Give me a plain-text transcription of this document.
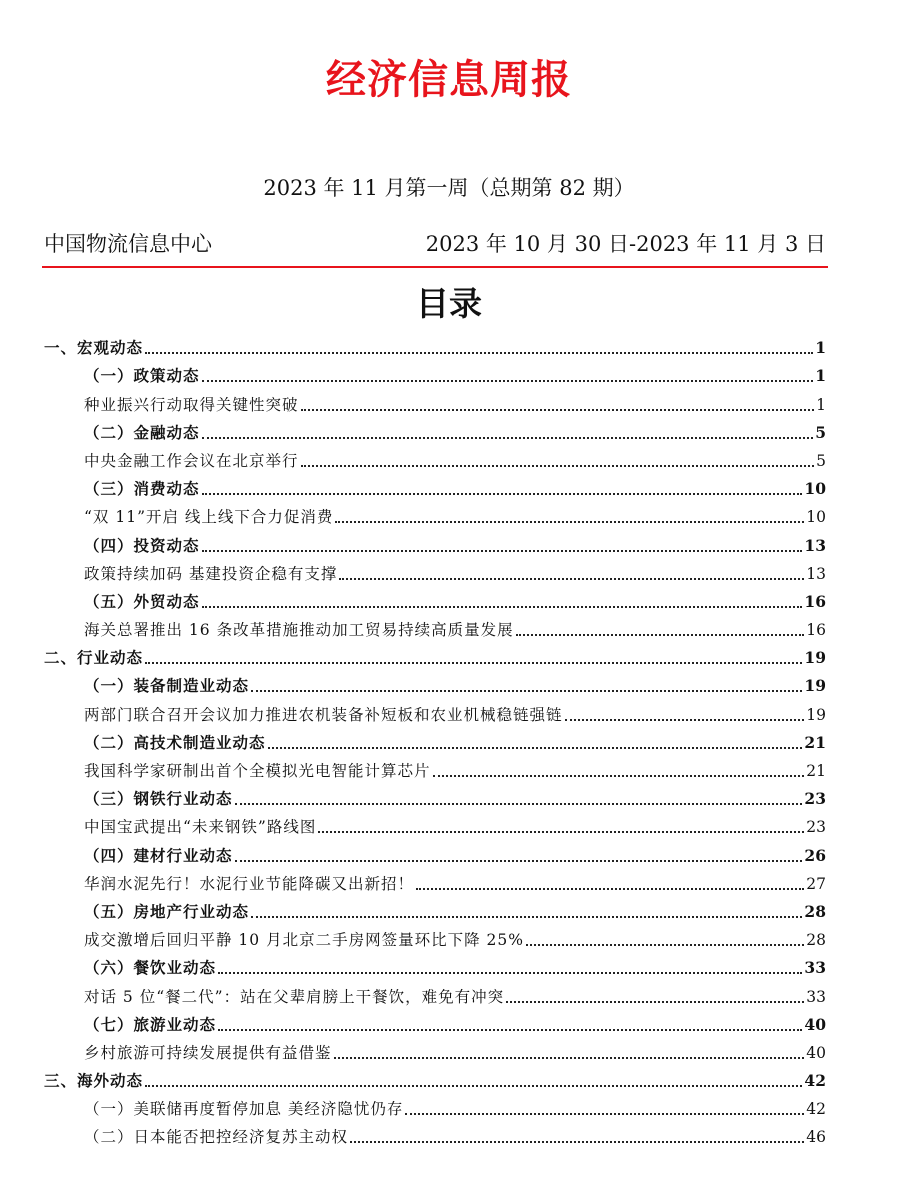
经济信息周报
2023 年 11 月第一周（总期第 82 期）
中国物流信息中心	2023 年 10 月 30 日-2023 年 11 月 3 日
目录
一、宏观动态	1
（一）政策动态	1
种业振兴行动取得关键性突破	1
（二）金融动态	5
中央金融工作会议在北京举行	5
（三）消费动态	10
“双 11”开启 线上线下合力促消费	10
（四）投资动态	13
政策持续加码 基建投资企稳有支撑	13
（五）外贸动态	16
海关总署推出 16 条改革措施推动加工贸易持续高质量发展	16
二、行业动态	19
（一）装备制造业动态	19
两部门联合召开会议加力推进农机装备补短板和农业机械稳链强链	19
（二）高技术制造业动态	21
我国科学家研制出首个全模拟光电智能计算芯片	21
（三）钢铁行业动态	23
中国宝武提出“未来钢铁”路线图	23
（四）建材行业动态	26
华润水泥先行！水泥行业节能降碳又出新招！	27
（五）房地产行业动态	28
成交激增后回归平静 10 月北京二手房网签量环比下降 25%	28
（六）餐饮业动态	33
对话 5 位“餐二代”：站在父辈肩膀上干餐饮，难免有冲突	33
（七）旅游业动态	40
乡村旅游可持续发展提供有益借鉴	40
三、海外动态	42
（一）美联储再度暂停加息 美经济隐忧仍存	42
（二）日本能否把控经济复苏主动权	46
